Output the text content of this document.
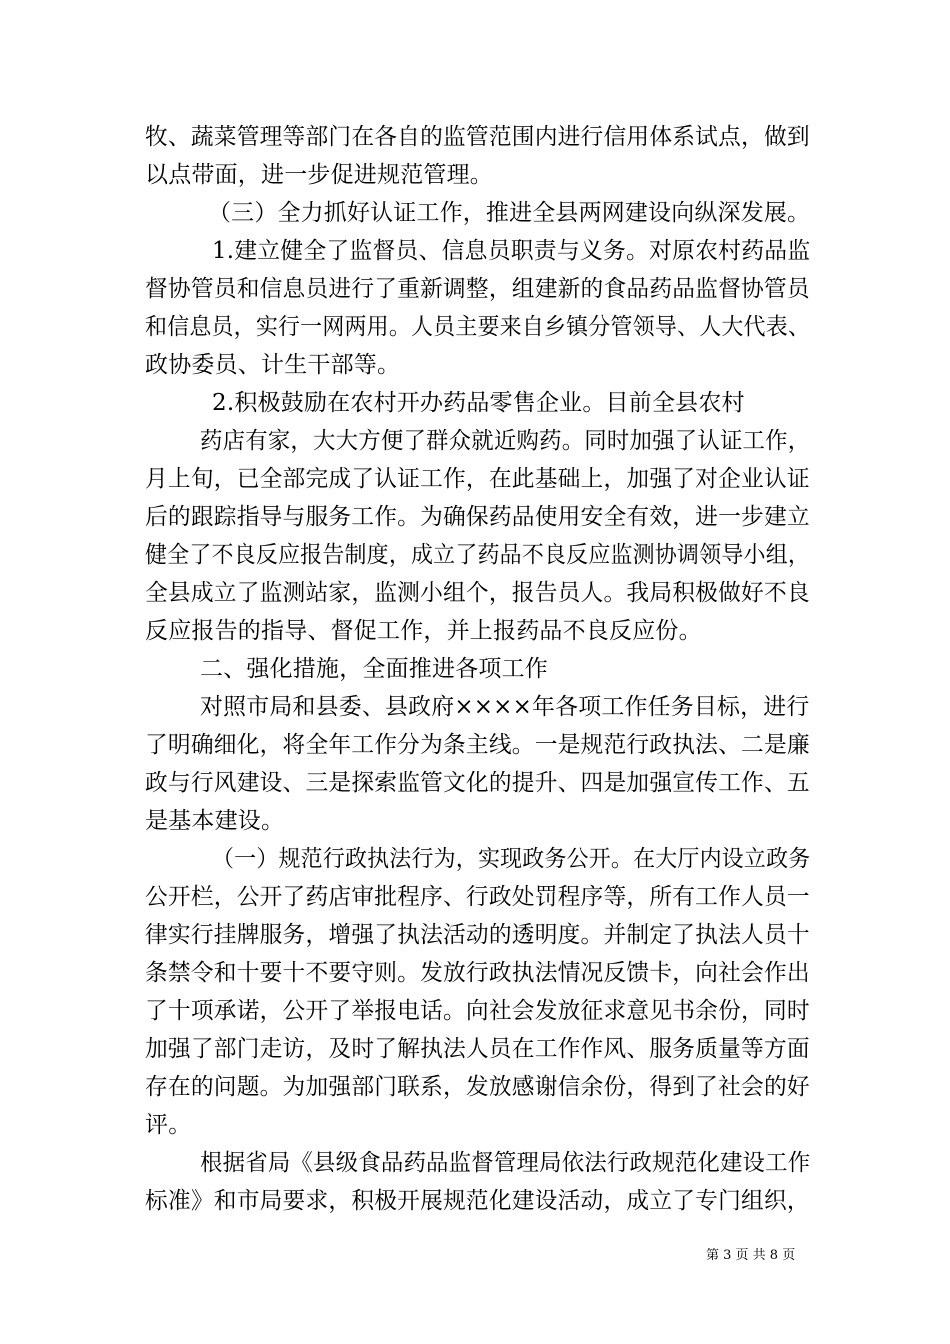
牧、蔬菜管理等部门在各自的监管范围内进行信用体系试点，做到
以点带面，进一步促进规范管理。
（三）全力抓好认证工作，推进全县两网建设向纵深发展。
1.建立健全了监督员、信息员职责与义务。对原农村药品监
督协管员和信息员进行了重新调整，组建新的食品药品监督协管员
和信息员，实行一网两用。人员主要来自乡镇分管领导、人大代表、
政协委员、计生干部等。
2.积极鼓励在农村开办药品零售企业。目前全县农村
药店有家，大大方便了群众就近购药。同时加强了认证工作，
月上旬，已全部完成了认证工作，在此基础上，加强了对企业认证
后的跟踪指导与服务工作。为确保药品使用安全有效，进一步建立
健全了不良反应报告制度，成立了药品不良反应监测协调领导小组，
全县成立了监测站家，监测小组个，报告员人。我局积极做好不良
反应报告的指导、督促工作，并上报药品不良反应份。
二、强化措施，全面推进各项工作
对照市局和县委、县政府××××年各项工作任务目标，进行
了明确细化，将全年工作分为条主线。一是规范行政执法、二是廉
政与行风建设、三是探索监管文化的提升、四是加强宣传工作、五
是基本建设。
（一）规范行政执法行为，实现政务公开。在大厅内设立政务
公开栏，公开了药店审批程序、行政处罚程序等，所有工作人员一
律实行挂牌服务，增强了执法活动的透明度。并制定了执法人员十
条禁令和十要十不要守则。发放行政执法情况反馈卡，向社会作出
了十项承诺，公开了举报电话。向社会发放征求意见书余份，同时
加强了部门走访，及时了解执法人员在工作作风、服务质量等方面
存在的问题。为加强部门联系，发放感谢信余份，得到了社会的好
评。
根据省局《县级食品药品监督管理局依法行政规范化建设工作
标准》和市局要求，积极开展规范化建设活动，成立了专门组织，
第 3 页 共 8 页
